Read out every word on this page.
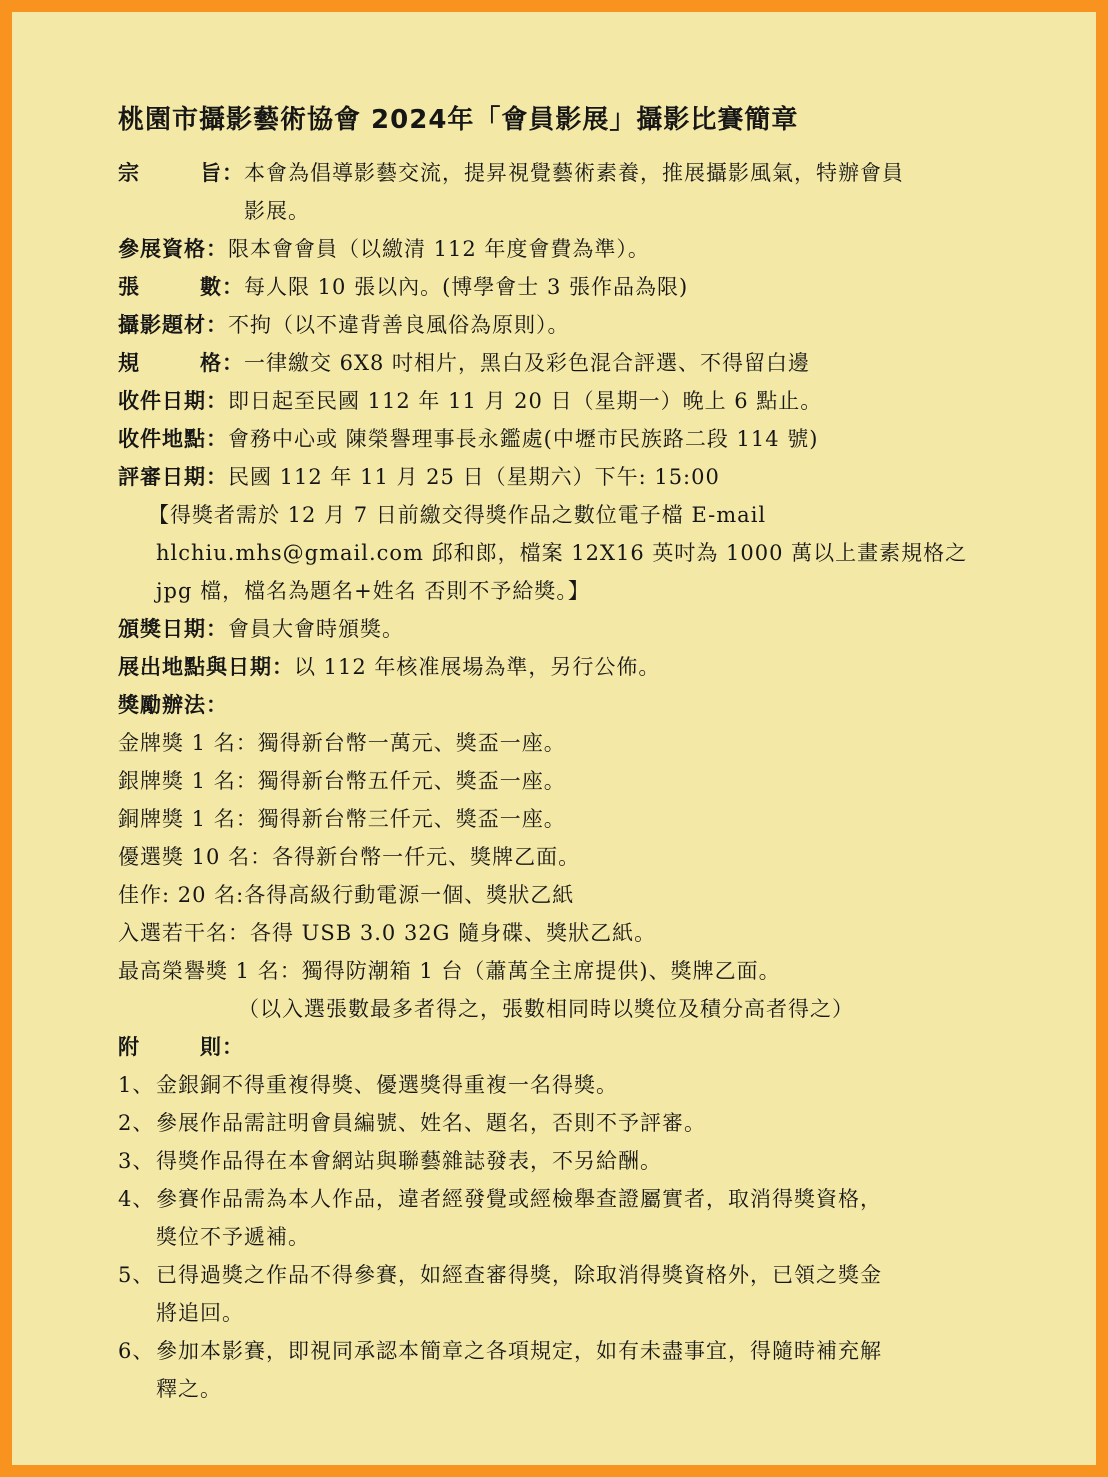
桃園市攝影藝術協會 2024年「會員影展」攝影比賽簡章
宗	旨 ： 本會為倡導影藝交流，提昇視覺藝術素養，推展攝影風氣，特辦會員
影展。
參展資格： 限本會會員（以繳清 112 年度會費為準）。
張	數 ： 每人限 10 張以內。(博學會士 3 張作品為限)
攝影題材： 不拘（以不違背善良風俗為原則）。
規	格 ： 一律繳交 6X8 吋相片，黑白及彩色混合評選、不得留白邊
收件日期： 即日起至民國 112 年 11 月 20 日（星期一）晚上 6 點止。
收件地點： 會務中心或 陳榮譽理事長永鑑處(中壢市民族路二段 114 號)
評審日期： 民國 112 年 11 月 25 日（星期六）下午: 15:00
【得獎者需於 12 月 7 日前繳交得獎作品之數位電子檔 E-mail
hlchiu.mhs@gmail.com 邱和郎，檔案 12X16 英吋為 1000 萬以上畫素規格之
jpg 檔，檔名為題名+姓名 否則不予給獎。】
頒獎日期： 會員大會時頒獎。
展出地點與日期： 以 112 年核准展場為準，另行公佈。
獎勵辦法：
金牌獎 1 名：獨得新台幣一萬元、獎盃一座。
銀牌獎 1 名：獨得新台幣五仟元、獎盃一座。
銅牌獎 1 名：獨得新台幣三仟元、獎盃一座。
優選獎 10 名：各得新台幣一仟元、獎牌乙面。
佳作: 20 名:各得高級行動電源一個、獎狀乙紙
入選若干名：各得 USB 3.0 32G 隨身碟、獎狀乙紙。
最高榮譽獎 1 名：獨得防潮箱 1 台（蕭萬全主席提供)、獎牌乙面。
（以入選張數最多者得之，張數相同時以獎位及積分高者得之）
附	則 ：
1、 金銀銅不得重複得獎、優選獎得重複一名得獎。
2、 參展作品需註明會員編號、姓名、題名，否則不予評審。
3、 得獎作品得在本會網站與聯藝雜誌發表，不另給酬。
4、 參賽作品需為本人作品，違者經發覺或經檢舉查證屬實者，取消得獎資格，
獎位不予遞補。
5、 已得過獎之作品不得參賽，如經查審得獎，除取消得獎資格外，已領之獎金
將追回。
6、 參加本影賽，即視同承認本簡章之各項規定，如有未盡事宜，得隨時補充解
釋之。
